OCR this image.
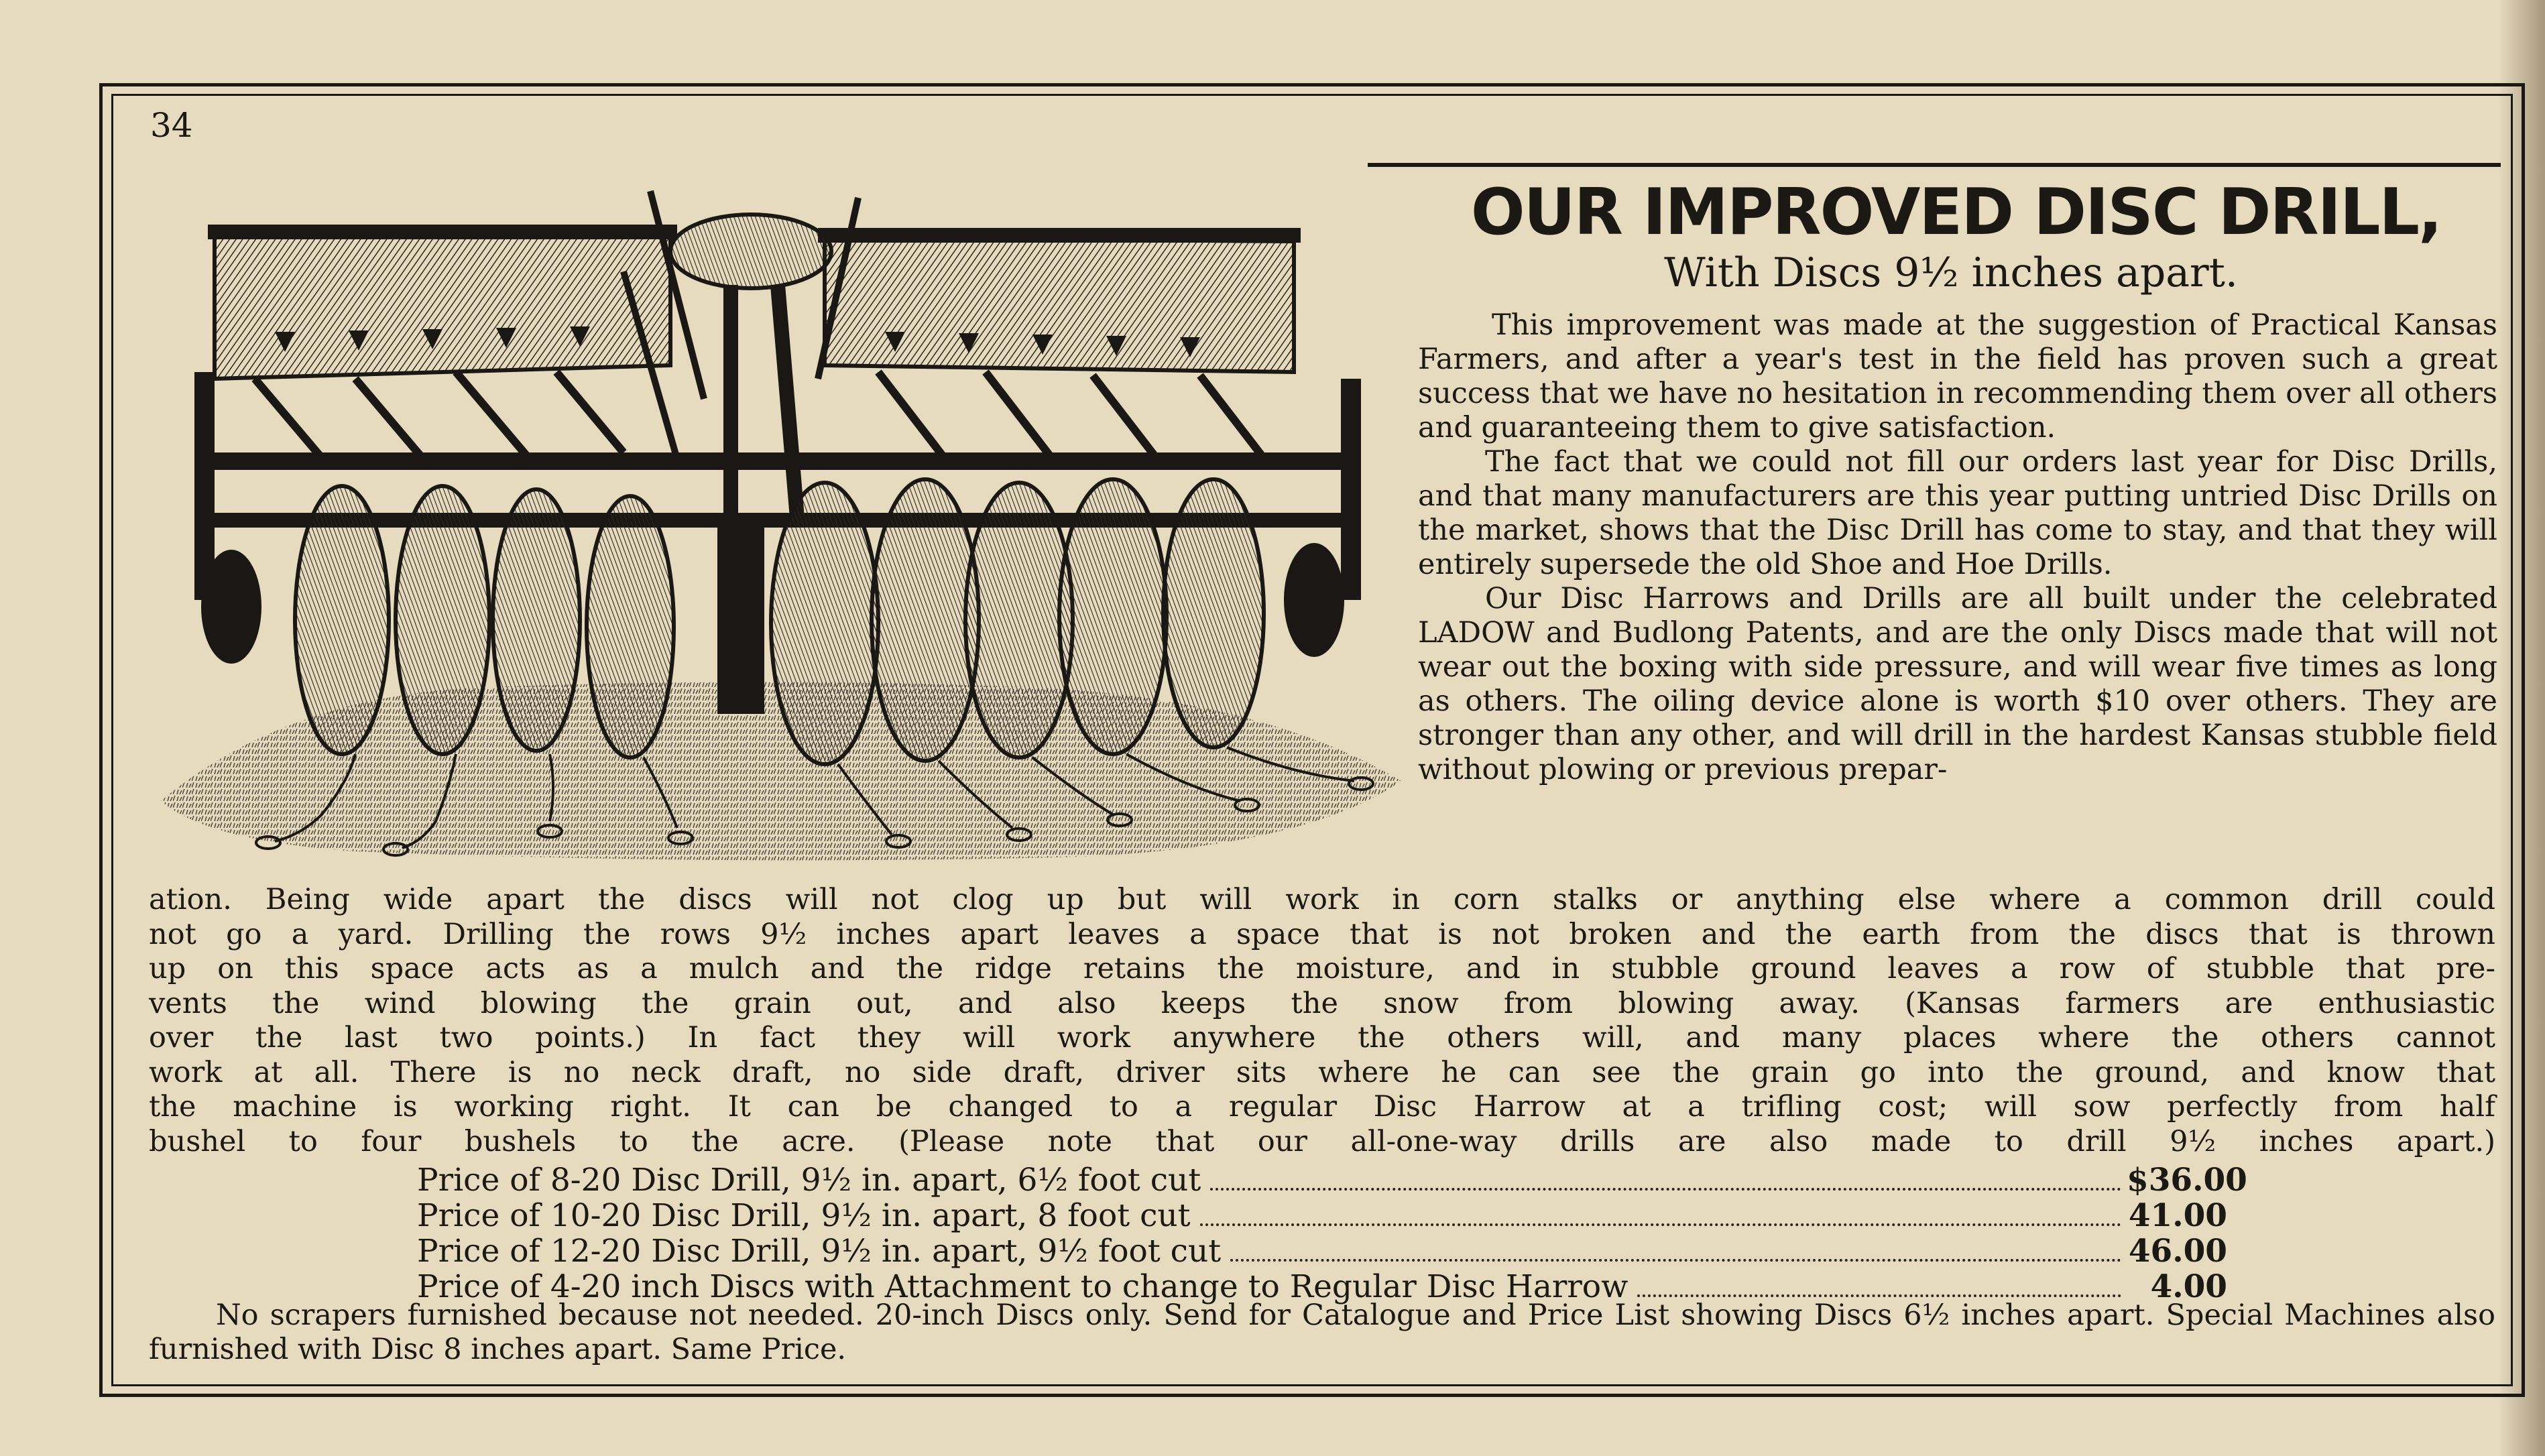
34
OUR IMPROVED DISC DRILL,
With Discs 9½ inches apart.

This improvement was made at the suggestion of Practical Kansas Farmers, and after a year's test in the field has proven such a great success that we have no hesitation in recommending them over all others and guaranteeing them to give satisfaction.

The fact that we could not fill our orders last year for Disc Drills, and that many manufacturers are this year putting untried Disc Drills on the market, shows that the Disc Drill has come to stay, and that they will entirely supersede the old Shoe and Hoe Drills.

Our Disc Harrows and Drills are all built under the celebrated LADOW and Budlong Patents, and are the only Discs made that will not wear out the boxing with side pressure, and will wear five times as long as others. The oiling device alone is worth $10 over others. They are stronger than any other, and will drill in the hardest Kansas stubble field without plowing or previous prepar-

ation. Being wide apart the discs will not clog up but will work in corn stalks or anything else where a common drill could
not go a yard. Drilling the rows 9½ inches apart leaves a space that is not broken and the earth from the discs that is thrown
up on this space acts as a mulch and the ridge retains the moisture, and in stubble ground leaves a row of stubble that pre-
vents the wind blowing the grain out, and also keeps the snow from blowing away. (Kansas farmers are enthusiastic
over the last two points.) In fact they will work anywhere the others will, and many places where the others cannot
work at all. There is no neck draft, no side draft, driver sits where he can see the grain go into the ground, and know that
the machine is working right. It can be changed to a regular Disc Harrow at a trifling cost; will sow perfectly from half
bushel to four bushels to the acre. (Please note that our all-one-way drills are also made to drill 9½ inches apart.)
Price of 8-20 Disc Drill, 9½ in. apart, 6½ foot cut	$36.00
Price of 10-20 Disc Drill, 9½ in. apart, 8 foot cut	41.00
Price of 12-20 Disc Drill, 9½ in. apart, 9½ foot cut	46.00
Price of 4-20 inch Discs with Attachment to change to Regular Disc Harrow	4.00

No scrapers furnished because not needed. 20-inch Discs only. Send for Catalogue and Price List showing Discs 6½ inches apart. Special Machines also furnished with Disc 8 inches apart. Same Price.
